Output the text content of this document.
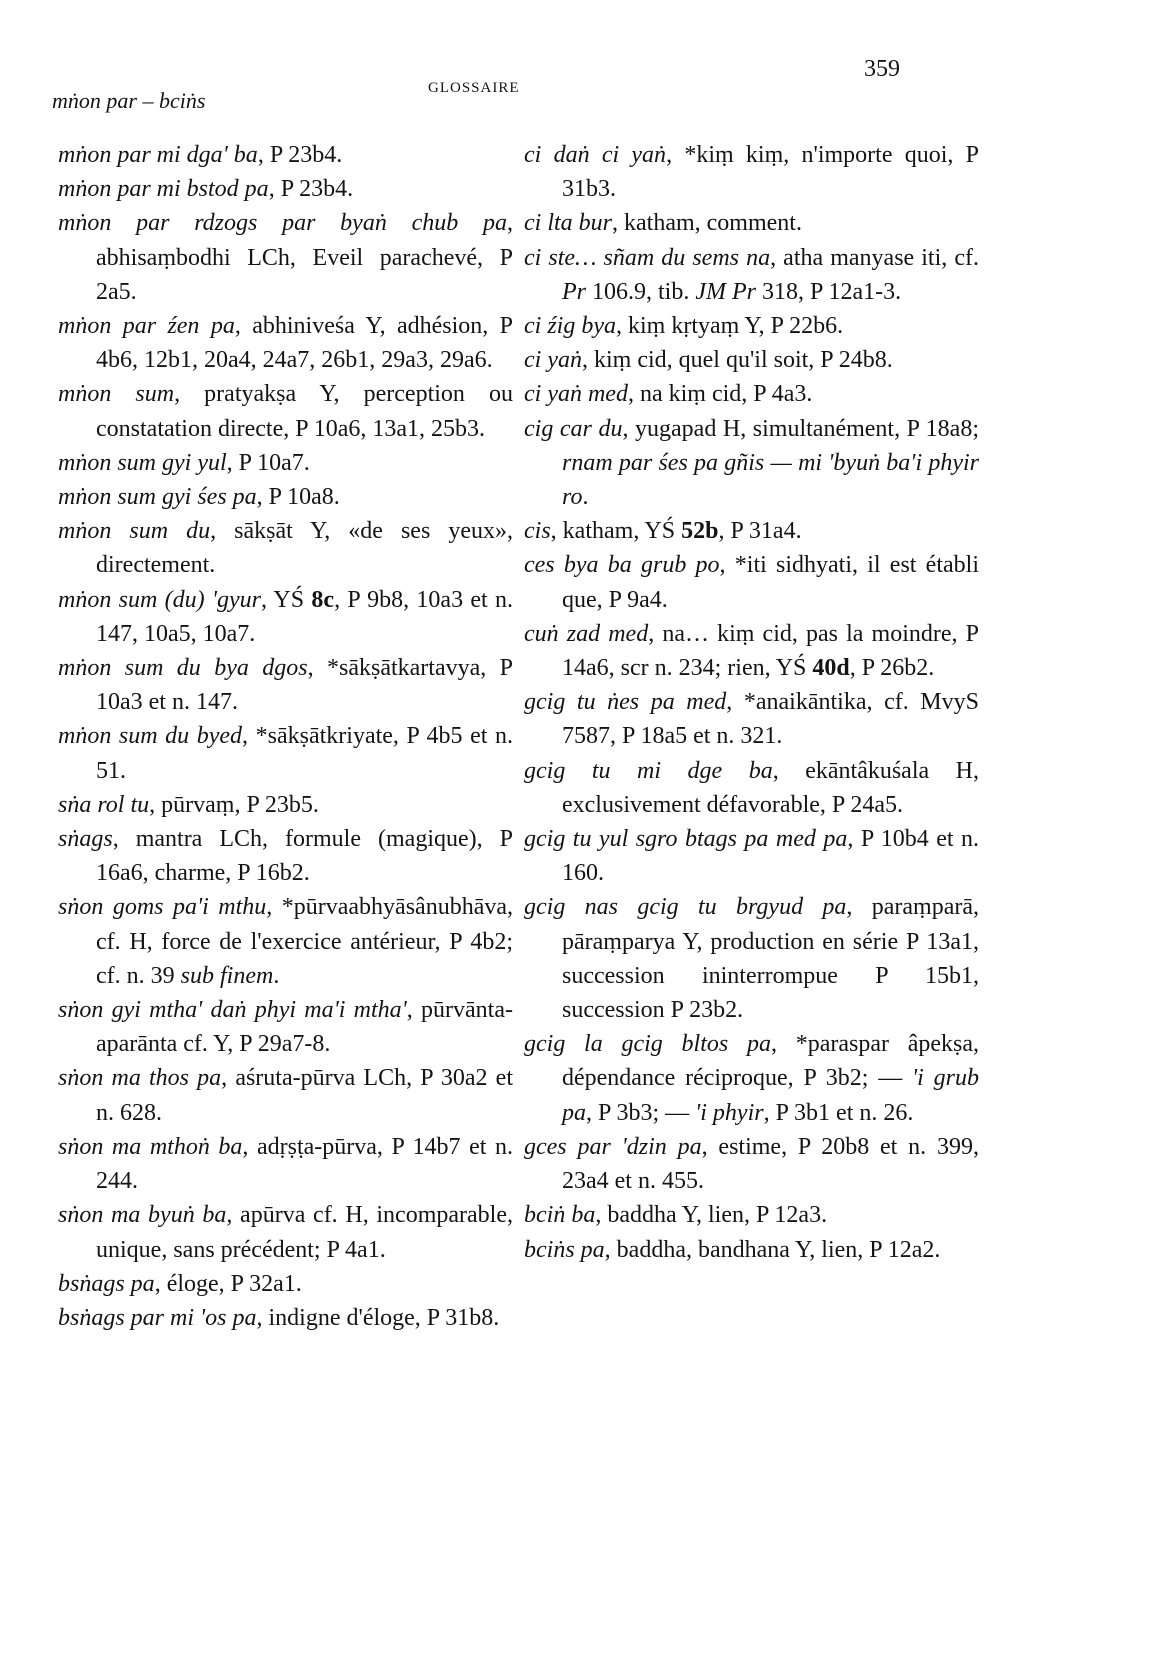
mṅon par – bciṅs	GLOSSAIRE
359

mṅon par mi dga' ba, P 23b4.

mṅon par mi bstod pa, P 23b4.

mṅon par rdzogs par byaṅ chub pa, abhisaṃbodhi LCh, Eveil parachevé, P 2a5.

mṅon par źen pa, abhiniveśa Y, adhésion, P 4b6, 12b1, 20a4, 24a7, 26b1, 29a3, 29a6.

mṅon sum, pratyakṣa Y, perception ou constatation directe, P 10a6, 13a1, 25b3.

mṅon sum gyi yul, P 10a7.

mṅon sum gyi śes pa, P 10a8.

mṅon sum du, sākṣāt Y, «de ses yeux», directement.

mṅon sum (du) 'gyur, YŚ 8c, P 9b8, 10a3 et n. 147, 10a5, 10a7.

mṅon sum du bya dgos, *sākṣātkartavya, P 10a3 et n. 147.

mṅon sum du byed, *sākṣātkriyate, P 4b5 et n. 51.

sṅa rol tu, pūrvaṃ, P 23b5.

sṅags, mantra LCh, formule (magique), P 16a6, charme, P 16b2.

sṅon goms pa'i mthu, *pūrvaabhyāsânubhāva, cf. H, force de l'exercice antérieur, P 4b2; cf. n. 39 sub finem.

sṅon gyi mtha' daṅ phyi ma'i mtha', pūrvānta-aparānta cf. Y, P 29a7-8.

sṅon ma thos pa, aśruta-pūrva LCh, P 30a2 et n. 628.

sṅon ma mthoṅ ba, adṛṣṭa-pūrva, P 14b7 et n. 244.

sṅon ma byuṅ ba, apūrva cf. H, incomparable, unique, sans précédent; P 4a1.

bsṅags pa, éloge, P 32a1.

bsṅags par mi 'os pa, indigne d'éloge, P 31b8.

ci daṅ ci yaṅ, *kiṃ kiṃ, n'importe quoi, P 31b3.

ci lta bur, katham, comment.

ci ste… sñam du sems na, atha manyase iti, cf. Pr 106.9, tib. JM Pr 318, P 12a1-3.

ci źig bya, kiṃ kṛtyaṃ Y, P 22b6.

ci yaṅ, kiṃ cid, quel qu'il soit, P 24b8.

ci yaṅ med, na kiṃ cid, P 4a3.

cig car du, yugapad H, simultanément, P 18a8; rnam par śes pa gñis — mi 'byuṅ ba'i phyir ro.

cis, katham, YŚ 52b, P 31a4.

ces bya ba grub po, *iti sidhyati, il est établi que, P 9a4.

cuṅ zad med, na… kiṃ cid, pas la moindre, P 14a6, scr n. 234; rien, YŚ 40d, P 26b2.

gcig tu ṅes pa med, *anaikāntika, cf. MvyS 7587, P 18a5 et n. 321.

gcig tu mi dge ba, ekāntâkuśala H, exclusivement défavorable, P 24a5.

gcig tu yul sgro btags pa med pa, P 10b4 et n. 160.

gcig nas gcig tu brgyud pa, paraṃparā, pāraṃparya Y, production en série P 13a1, succession ininterrompue P 15b1, succession P 23b2.

gcig la gcig bltos pa, *paraspar âpekṣa, dépendance réciproque, P 3b2; — 'i grub pa, P 3b3; — 'i phyir, P 3b1 et n. 26.

gces par 'dzin pa, estime, P 20b8 et n. 399, 23a4 et n. 455.

bciṅ ba, baddha Y, lien, P 12a3.

bciṅs pa, baddha, bandhana Y, lien, P 12a2.
